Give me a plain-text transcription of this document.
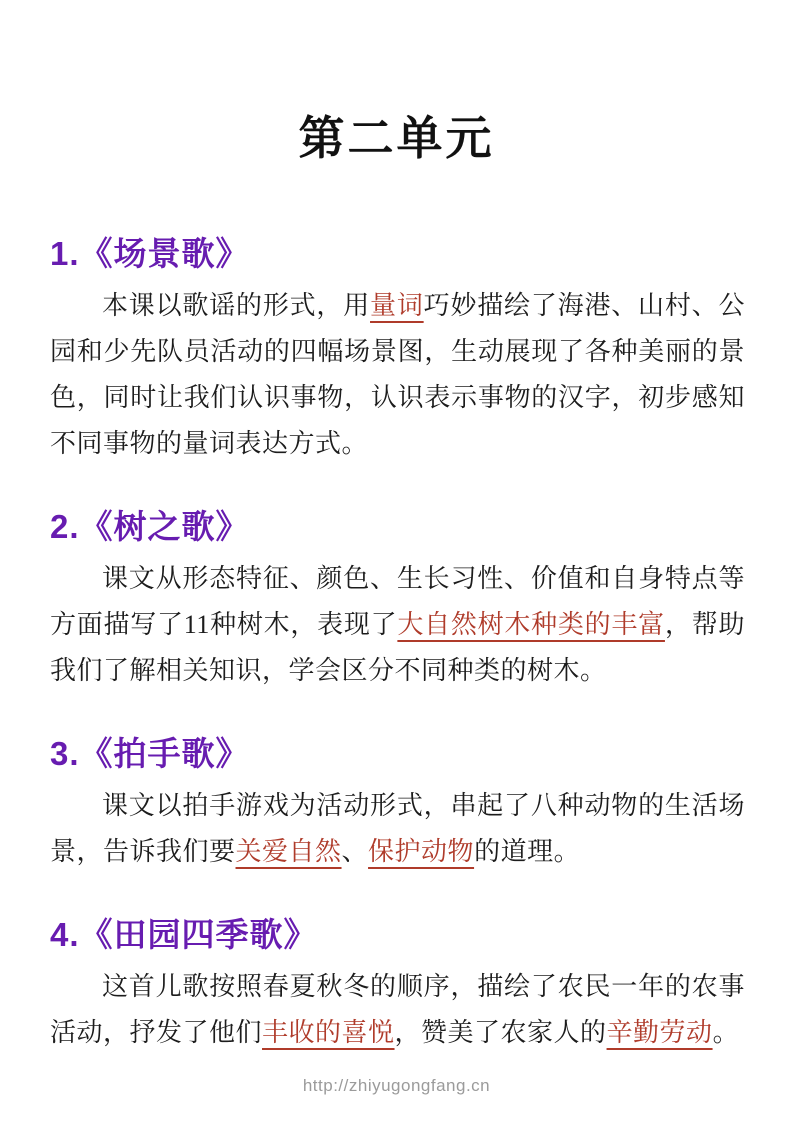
第二单元
1.《场景歌》

本课以歌谣的形式，用量词巧妙描绘了海港、山村、公园和少先队员活动的四幅场景图，生动展现了各种美丽的景色，同时让我们认识事物，认识表示事物的汉字，初步感知不同事物的量词表达方式。

2.《树之歌》

课文从形态特征、颜色、生长习性、价值和自身特点等方面描写了11种树木，表现了大自然树木种类的丰富，帮助我们了解相关知识，学会区分不同种类的树木。

3.《拍手歌》

课文以拍手游戏为活动形式，串起了八种动物的生活场景，告诉我们要关爱自然、保护动物的道理。

4.《田园四季歌》

这首儿歌按照春夏秋冬的顺序，描绘了农民一年的农事活动，抒发了他们丰收的喜悦，赞美了农家人的辛勤劳动。

http://zhiyugongfang.cn
